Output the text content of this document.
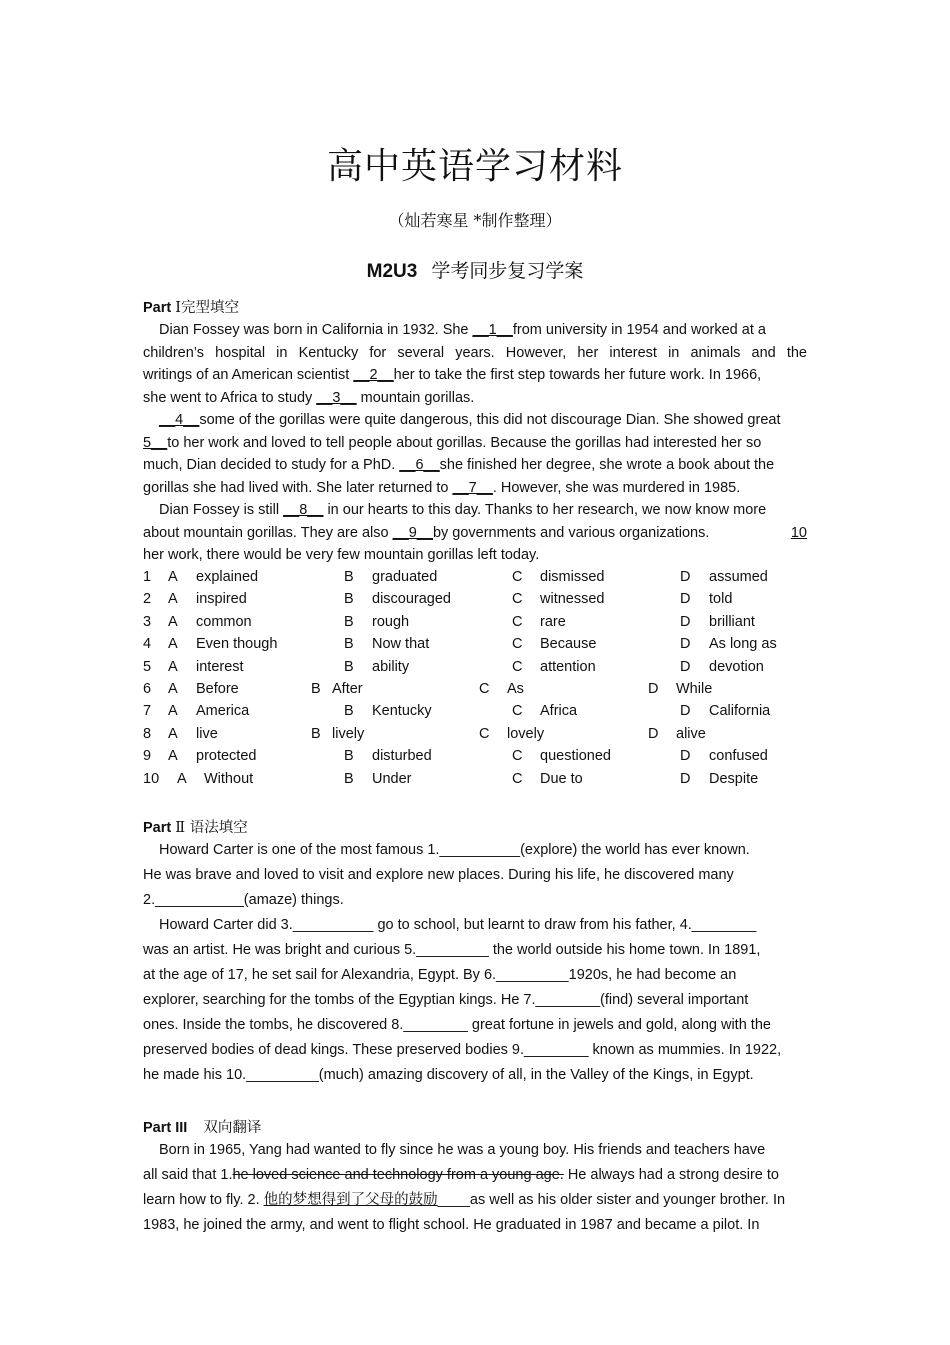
高中英语学习材料
（灿若寒星 *制作整理）
M2U3 学考同步复习学案
Part Ⅰ完型填空

Dian Fossey was born in California in 1932. She __1__from university in 1954 and worked at a

children’s hospital in Kentucky for several years. However, her interest in animals and the

writings of an American scientist __2__her to take the first step towards her future work. In 1966,

she went to Africa to study __3__ mountain gorillas.

__4__some of the gorillas were quite dangerous, this did not discourage Dian. She showed great

5__to her work and loved to tell people about gorillas. Because the gorillas had interested her so

much, Dian decided to study for a PhD. __6__she finished her degree, she wrote a book about the

gorillas she had lived with. She later returned to __7__. However, she was murdered in 1985.

Dian Fossey is still __8__ in our hearts to this day. Thanks to her research, we now know more

about mountain gorillas. They are also __9__by governments and various organizations.	10

her work, there would be very few mountain gorillas left today.

1 A explained	B graduated	C dismissed	D assumed
2 A inspired	B discouraged	C witnessed	D told
3 A common	B rough	C rare	D brilliant
4 A Even though	B Now that	C Because	D As long as
5 A interest	B ability	C attention	D devotion
6 A Before	B After	C As	D While
7 A America	B Kentucky	C Africa	D California
8 A live	B lively	C lovely	D alive
9 A protected	B disturbed	C questioned	D confused
10 A Without	B Under	C Due to	D Despite
Part Ⅱ 语法填空

Howard Carter is one of the most famous 1.__________(explore) the world has ever known.

He was brave and loved to visit and explore new places. During his life, he discovered many

2.___________(amaze) things.

Howard Carter did 3.__________ go to school, but learnt to draw from his father, 4.________

was an artist. He was bright and curious 5._________ the world outside his home town. In 1891,

at the age of 17, he set sail for Alexandria, Egypt. By 6._________1920s, he had become an

explorer, searching for the tombs of the Egyptian kings. He 7.________(find) several important

ones. Inside the tombs, he discovered 8.________ great fortune in jewels and gold, along with the

preserved bodies of dead kings. These preserved bodies 9.________ known as mummies. In 1922,

he made his 10._________(much) amazing discovery of all, in the Valley of the Kings, in Egypt.

Part III 双向翻译

Born in 1965, Yang had wanted to fly since he was a young boy. His friends and teachers have

all said that 1.he loved science and technology from a young age. He always had a strong desire to

learn how to fly. 2. 他的梦想得到了父母的鼓励____as well as his older sister and younger brother. In

1983, he joined the army, and went to flight school. He graduated in 1987 and became a pilot. In
